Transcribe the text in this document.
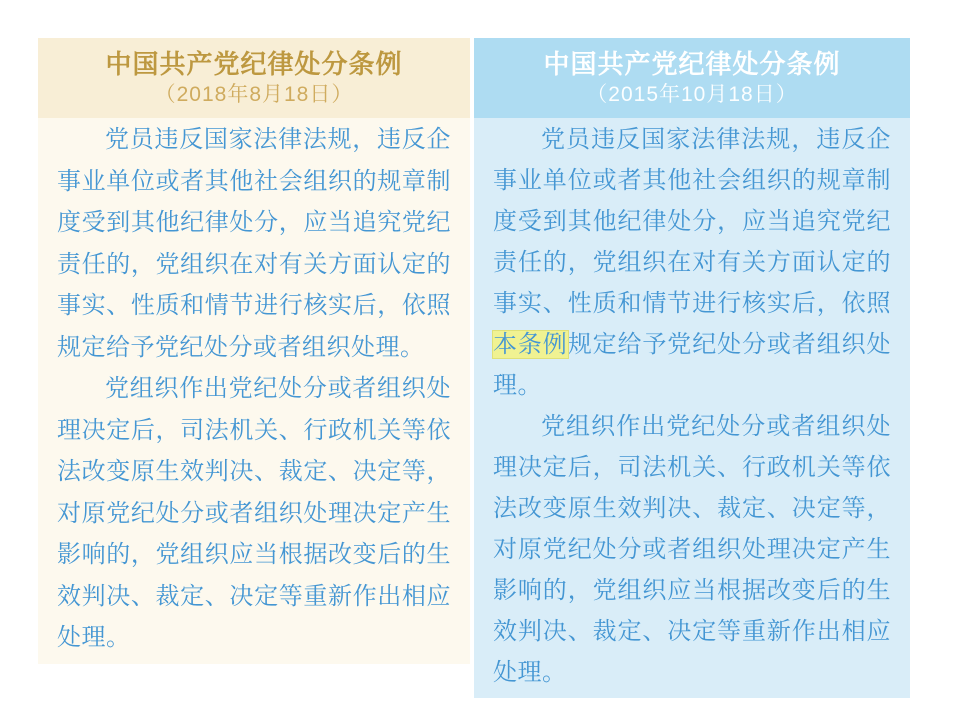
中国共产党纪律处分条例
（2018年8月18日）

党员违反国家法律法规，违反企事业单位或者其他社会组织的规章制度受到其他纪律处分，应当追究党纪责任的，党组织在对有关方面认定的事实、性质和情节进行核实后，依照规定给予党纪处分或者组织处理。

党组织作出党纪处分或者组织处理决定后，司法机关、行政机关等依法改变原生效判决、裁定、决定等，对原党纪处分或者组织处理决定产生影响的，党组织应当根据改变后的生效判决、裁定、决定等重新作出相应处理。

中国共产党纪律处分条例
（2015年10月18日）

党员违反国家法律法规，违反企事业单位或者其他社会组织的规章制度受到其他纪律处分，应当追究党纪责任的，党组织在对有关方面认定的事实、性质和情节进行核实后，依照本条例规定给予党纪处分或者组织处理。

党组织作出党纪处分或者组织处理决定后，司法机关、行政机关等依法改变原生效判决、裁定、决定等，对原党纪处分或者组织处理决定产生影响的，党组织应当根据改变后的生效判决、裁定、决定等重新作出相应处理。
